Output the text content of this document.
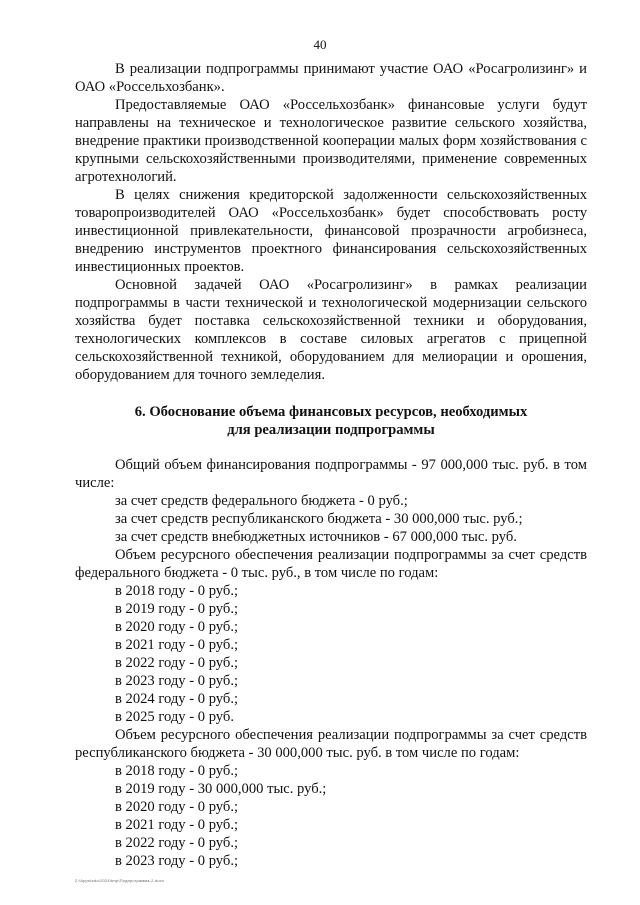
40

В реализации подпрограммы принимают участие ОАО «Росагролизинг» и ОАО «Россельхозбанк».

Предоставляемые ОАО «Россельхозбанк» финансовые услуги будут направлены на техническое и технологическое развитие сельского хозяйства, внедрение практики производственной кооперации малых форм хозяйствования с крупными сельскохозяйственными производителями, применение современных агротехнологий.

В целях снижения кредиторской задолженности сельскохозяйственных товаропроизводителей ОАО «Россельхозбанк» будет способствовать росту инвестиционной привлекательности, финансовой прозрачности агробизнеса, внедрению инструментов проектного финансирования сельскохозяйственных инвестиционных проектов.

Основной задачей ОАО «Росагролизинг» в рамках реализации подпрограммы в части технической и технологической модернизации сельского хозяйства будет поставка сельскохозяйственной техники и оборудования, технологических комплексов в составе силовых агрегатов с прицепной сельскохозяйственной техникой, оборудованием для мелиорации и орошения, оборудованием для точного земледелия.

6. Обоснование объема финансовых ресурсов, необходимых
для реализации подпрограммы

Общий объем финансирования подпрограммы - 97 000,000 тыс. руб. в том числе:

за счет средств федерального бюджета - 0 руб.;

за счет средств республиканского бюджета - 30 000,000 тыс. руб.;

за счет средств внебюджетных источников - 67 000,000 тыс. руб.

Объем ресурсного обеспечения реализации подпрограммы за счет средств федерального бюджета - 0 тыс. руб., в том числе по годам:

в 2018 году - 0 руб.;

в 2019 году - 0 руб.;

в 2020 году - 0 руб.;

в 2021 году - 0 руб.;

в 2022 году - 0 руб.;

в 2023 году - 0 руб.;

в 2024 году - 0 руб.;

в 2025 году - 0 руб.

Объем ресурсного обеспечения реализации подпрограммы за счет средств республиканского бюджета - 30 000,000 тыс. руб. в том числе по годам:

в 2018 году - 0 руб.;

в 2019 году - 30 000,000 тыс. руб.;

в 2020 году - 0 руб.;

в 2021 году - 0 руб.;

в 2022 году - 0 руб.;

в 2023 году - 0 руб.;

Z:\Apps\edo\2024\tmp\Подпрограмма-2.docx
